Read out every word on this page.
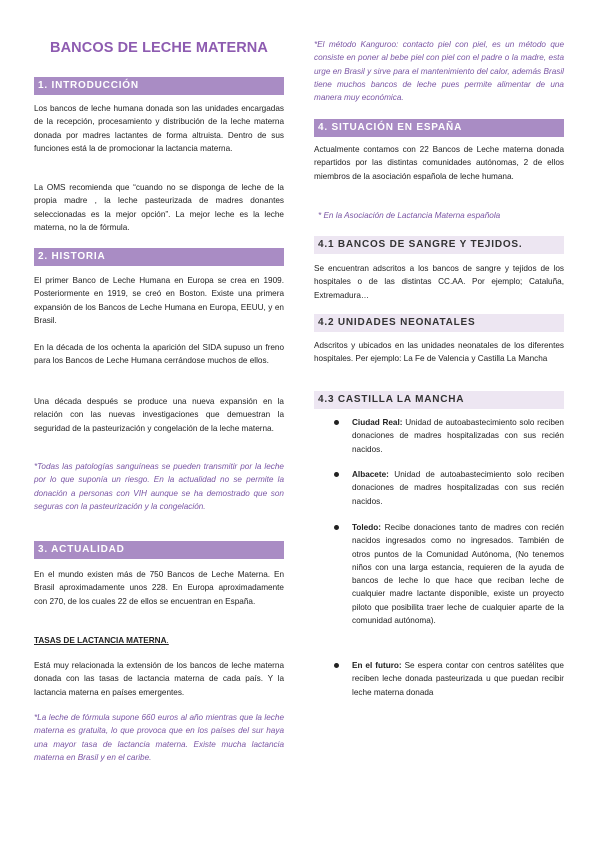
BANCOS DE LECHE MATERNA
1. INTRODUCCIÓN
Los bancos de leche humana donada son las unidades encargadas de la recepción, procesamiento y distribución de la leche materna donada por madres lactantes de forma altruista. Dentro de sus funciones está la de promocionar la lactancia materna.
La OMS recomienda que “cuando no se disponga de leche de la propia madre , la leche pasteurizada de madres donantes seleccionadas es la mejor opción”. La mejor leche es la leche materna, no la de fórmula.
2. HISTORIA
El primer Banco de Leche Humana en Europa se crea en 1909. Posteriormente en 1919, se creó en Boston. Existe una primera expansión de los Bancos de Leche Humana en Europa, EEUU, y en Brasil.
En la década de los ochenta la aparición del SIDA supuso un freno para los Bancos de Leche Humana cerrándose muchos de ellos.
Una década después se produce una nueva expansión en la relación con las nuevas investigaciones que demuestran la seguridad de la pasteurización y congelación de la leche materna.
*Todas las patologías sanguíneas se pueden transmitir por la leche por lo que suponía un riesgo. En la actualidad no se permite la donación a personas con VIH aunque se ha demostrado que son seguras con la pasteurización y la congelación.
3. ACTUALIDAD
En el mundo existen más de 750 Bancos de Leche Materna. En Brasil aproximadamente unos 228. En Europa aproximadamente con 270, de los cuales 22 de ellos se encuentran en España.
TASAS DE LACTANCIA MATERNA.
Está muy relacionada la extensión de los bancos de leche materna donada con las tasas de lactancia materna de cada país. Y la lactancia materna en países emergentes.
*La leche de fórmula supone 660 euros al año mientras que la leche materna es gratuita, lo que provoca que en los países del sur haya una mayor tasa de lactancia materna. Existe mucha lactancia materna en Brasil y en el caribe.
*El método Kanguroo: contacto piel con piel, es un método que consiste en poner al bebe piel con piel con el padre o la madre, esta urge en Brasil y sirve para el mantenimiento del calor, además Brasil tiene muchos bancos de leche pues permite alimentar de una manera muy económica.
4. SITUACIÓN EN ESPAÑA
Actualmente contamos con 22 Bancos de Leche materna donada repartidos por las distintas comunidades autónomas, 2 de ellos miembros de la asociación española de leche humana.
* En la Asociación de Lactancia Materna española
4.1 BANCOS DE SANGRE Y TEJIDOS.
Se encuentran adscritos a los bancos de sangre y tejidos de los hospitales o de las distintas CC.AA. Por ejemplo; Cataluña, Extremadura…
4.2 UNIDADES NEONATALES
Adscritos y ubicados en las unidades neonatales de los diferentes hospitales. Per ejemplo: La Fe de Valencia y Castilla La Mancha
4.3 CASTILLA LA MANCHA
Ciudad Real: Unidad de autoabastecimiento solo reciben donaciones de madres hospitalizadas con sus recién nacidos.
Albacete: Unidad de autoabastecimiento solo reciben donaciones de madres hospitalizadas con sus recién nacidos.
Toledo: Recibe donaciones tanto de madres con recién nacidos ingresados como no ingresados. También de otros puntos de la Comunidad Autónoma, (No tenemos niños con una larga estancia, requieren de la ayuda de bancos de leche lo que hace que reciban leche de cualquier madre lactante disponible, existe un proyecto piloto que posibilita traer leche de cualquier aparte de la comunidad autónoma).
En el futuro: Se espera contar con centros satélites que reciben leche donada pasteurizada u que puedan recibir leche materna donada
